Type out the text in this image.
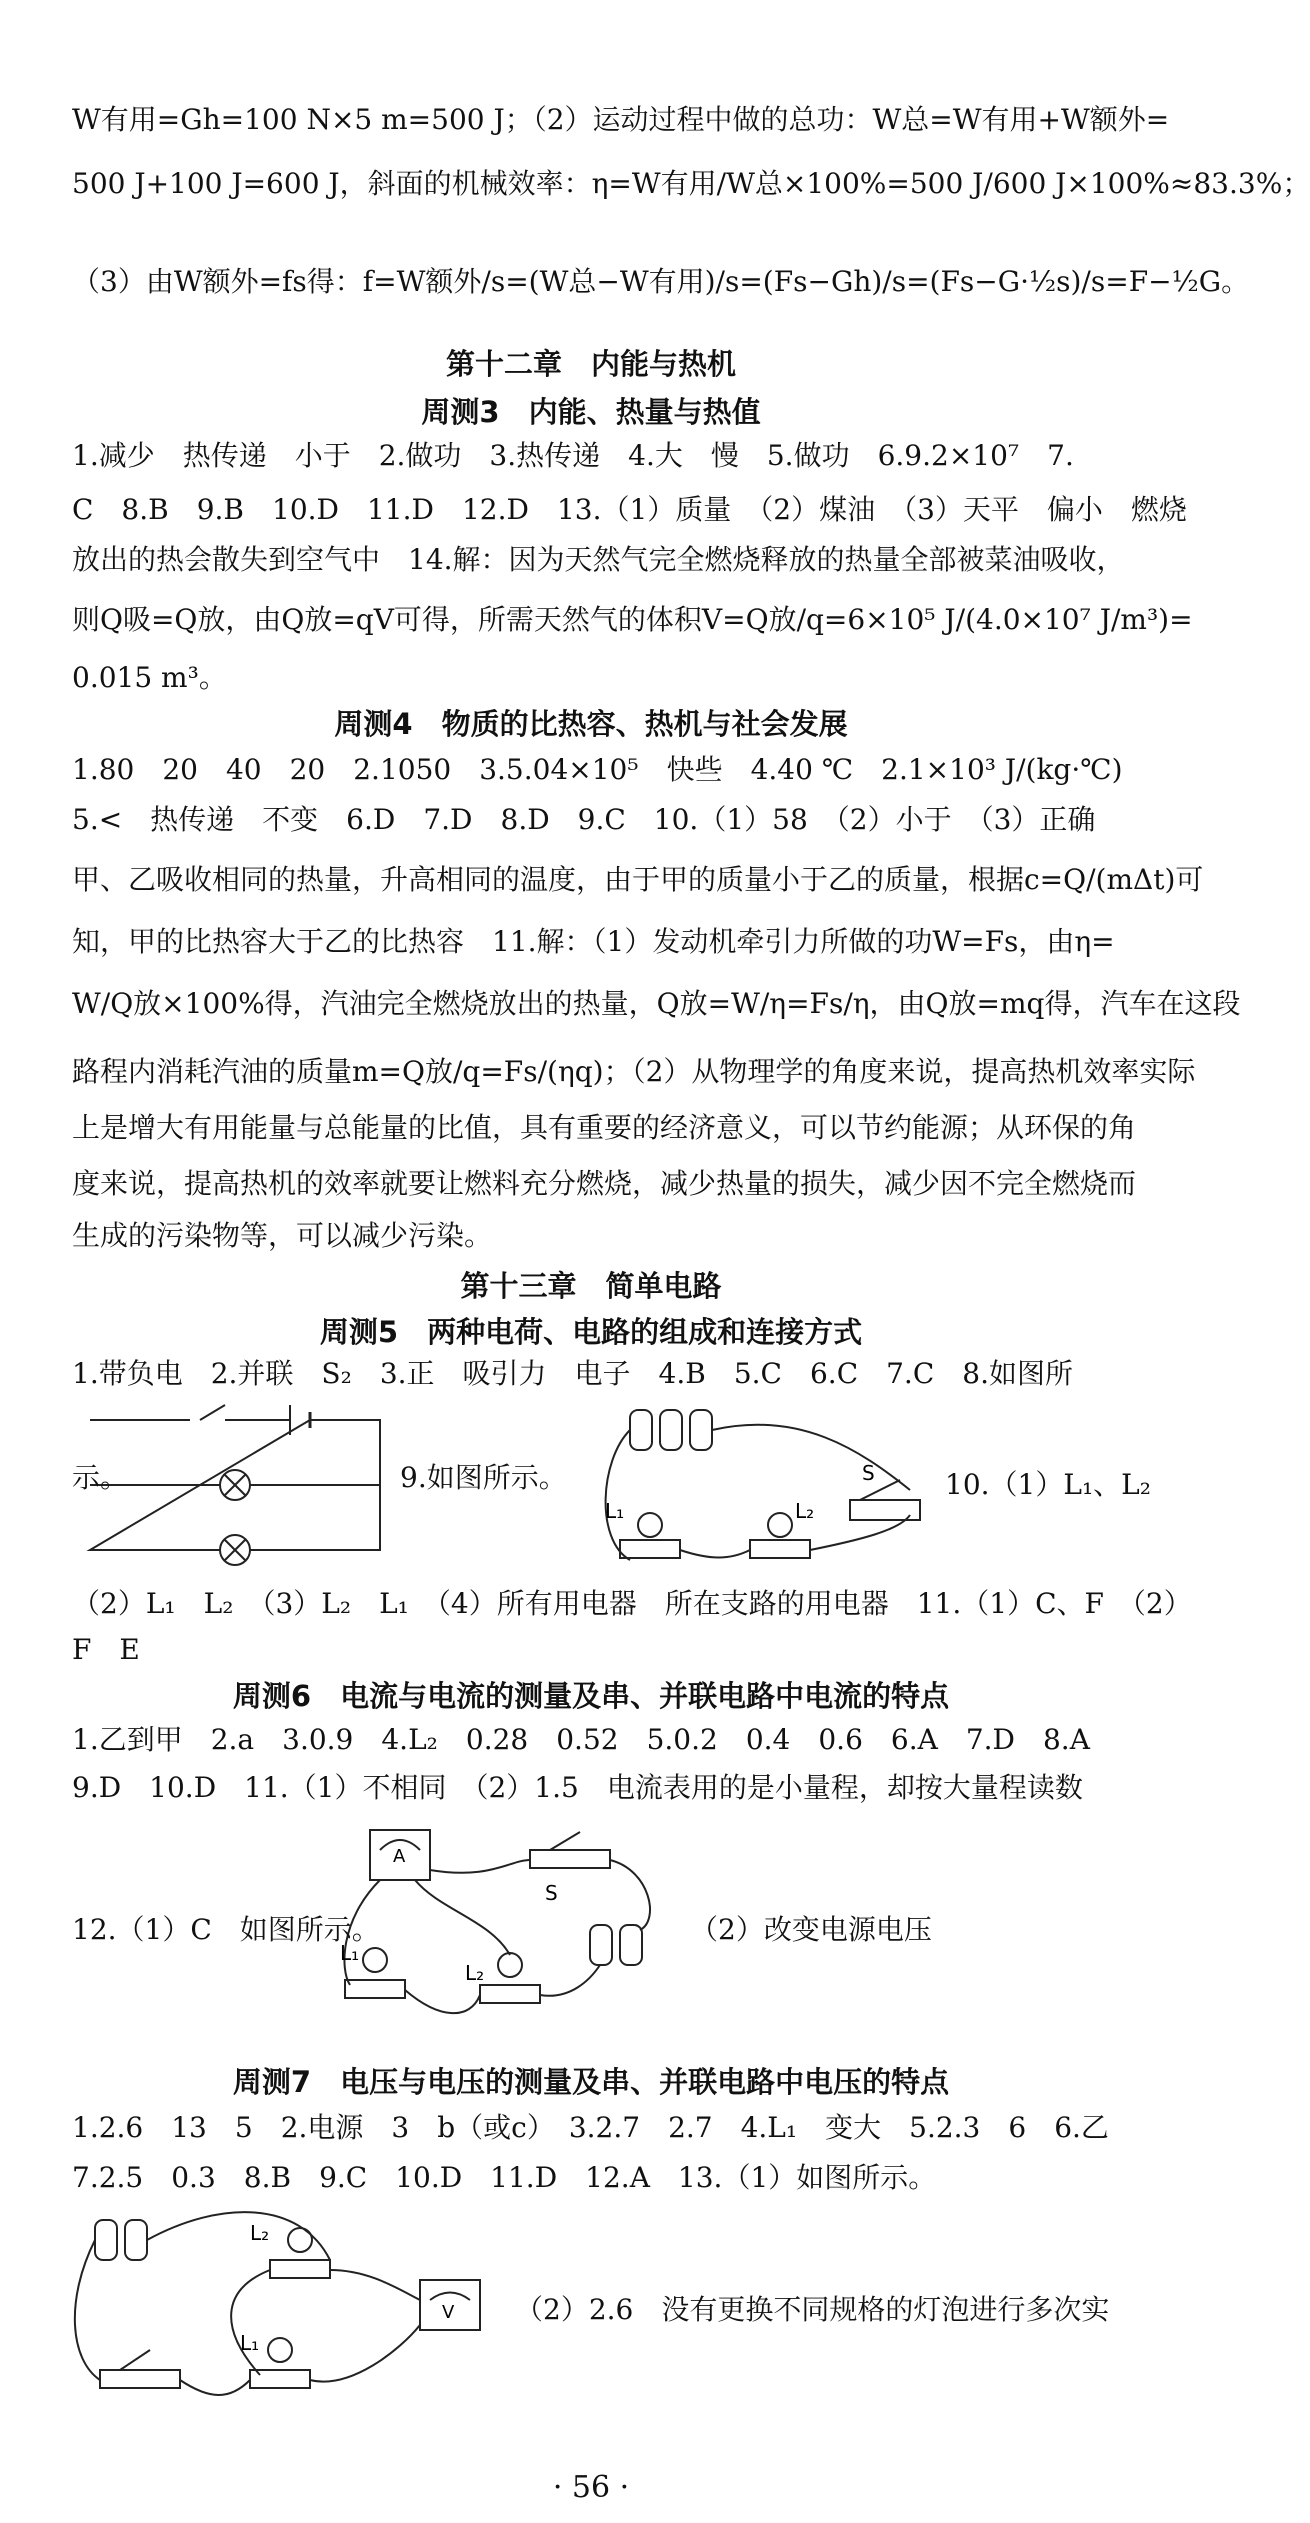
W有用=Gh=100 N×5 m=500 J；（2）运动过程中做的总功：W总=W有用+W额外=
500 J+100 J=600 J，斜面的机械效率：η=W有用/W总×100%=500 J/600 J×100%≈83.3%；
（3）由W额外=fs得：f=W额外/s=(W总−W有用)/s=(Fs−Gh)/s=(Fs−G·½s)/s=F−½G。
第十二章　内能与热机
周测3　内能、热量与热值
1.减少　热传递　小于　2.做功　3.热传递　4.大　慢　5.做功　6.9.2×10⁷　7.
C　8.B　9.B　10.D　11.D　12.D　13.（1）质量　（2）煤油　（3）天平　偏小　燃烧
放出的热会散失到空气中　14.解：因为天然气完全燃烧释放的热量全部被菜油吸收，
则Q吸=Q放，由Q放=qV可得，所需天然气的体积V=Q放/q=6×10⁵ J/(4.0×10⁷ J/m³)=
0.015 m³。
周测4　物质的比热容、热机与社会发展
1.80　20　40　20　2.1050　3.5.04×10⁵　快些　4.40 ℃　2.1×10³ J/(kg·℃)
5.<　热传递　不变　6.D　7.D　8.D　9.C　10.（1）58　（2）小于　（3）正确
甲、乙吸收相同的热量，升高相同的温度，由于甲的质量小于乙的质量，根据c=Q/(mΔt)可
知，甲的比热容大于乙的比热容　11.解：（1）发动机牵引力所做的功W=Fs，由η=
W/Q放×100%得，汽油完全燃烧放出的热量，Q放=W/η=Fs/η，由Q放=mq得，汽车在这段
路程内消耗汽油的质量m=Q放/q=Fs/(ηq)；（2）从物理学的角度来说，提高热机效率实际
上是增大有用能量与总能量的比值，具有重要的经济意义，可以节约能源；从环保的角
度来说，提高热机的效率就要让燃料充分燃烧，减少热量的损失，减少因不完全燃烧而
生成的污染物等，可以减少污染。
第十三章　简单电路
周测5　两种电荷、电路的组成和连接方式
1.带负电　2.并联　S₂　3.正　吸引力　电子　4.B　5.C　6.C　7.C　8.如图所
示。	9.如图所示。	S
L₁	L₂
10.（1）L₁、L₂
（2）L₁　L₂　（3）L₂　L₁　（4）所有用电器　所在支路的用电器　11.（1）C、F　（2）
F　E
周测6　电流与电流的测量及串、并联电路中电流的特点
1.乙到甲　2.a　3.0.9　4.L₂　0.28　0.52　5.0.2　0.4　0.6　6.A　7.D　8.A
9.D　10.D　11.（1）不相同　（2）1.5　电流表用的是小量程，却按大量程读数
A
S
L₁
L₂
12.（1）C　如图所示。	（2）改变电源电压
周测7　电压与电压的测量及串、并联电路中电压的特点
1.2.6　13　5　2.电源　3　b（或c）　3.2.7　2.7　4.L₁　变大　5.2.3　6　6.乙
7.2.5　0.3　8.B　9.C　10.D　11.D　12.A　13.（1）如图所示。
L₂
L₁
V （2）2.6　没有更换不同规格的灯泡进行多次实
· 56 ·
